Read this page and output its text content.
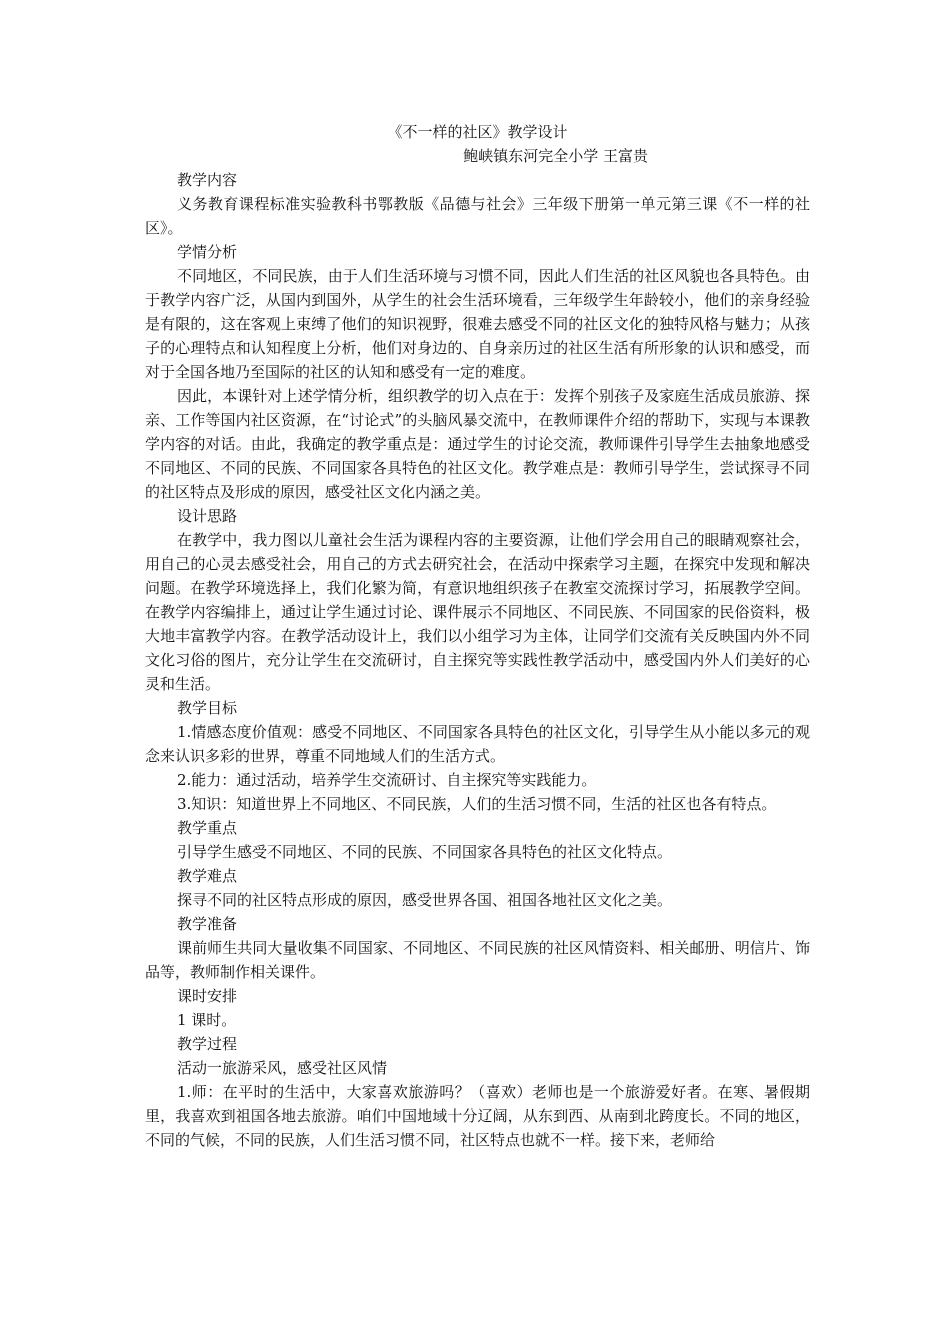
《不一样的社区》教学设计

鲍峡镇东河完全小学 王富贵

教学内容

义务教育课程标准实验教科书鄂教版《品德与社会》三年级下册第一单元第三课《不一样的社区》。

学情分析

不同地区，不同民族，由于人们生活环境与习惯不同，因此人们生活的社区风貌也各具特色。由于教学内容广泛，从国内到国外，从学生的社会生活环境看，三年级学生年龄较小，他们的亲身经验是有限的，这在客观上束缚了他们的知识视野，很难去感受不同的社区文化的独特风格与魅力；从孩子的心理特点和认知程度上分析，他们对身边的、自身亲历过的社区生活有所形象的认识和感受，而对于全国各地乃至国际的社区的认知和感受有一定的难度。

因此，本课针对上述学情分析，组织教学的切入点在于：发挥个别孩子及家庭生活成员旅游、探亲、工作等国内社区资源，在“讨论式”的头脑风暴交流中，在教师课件介绍的帮助下，实现与本课教学内容的对话。由此，我确定的教学重点是：通过学生的讨论交流，教师课件引导学生去抽象地感受不同地区、不同的民族、不同国家各具特色的社区文化。教学难点是：教师引导学生，尝试探寻不同的社区特点及形成的原因，感受社区文化内涵之美。

设计思路

在教学中，我力图以儿童社会生活为课程内容的主要资源，让他们学会用自己的眼睛观察社会，用自己的心灵去感受社会，用自己的方式去研究社会，在活动中探索学习主题，在探究中发现和解决问题。在教学环境选择上，我们化繁为简，有意识地组织孩子在教室交流探讨学习，拓展教学空间。在教学内容编排上，通过让学生通过讨论、课件展示不同地区、不同民族、不同国家的民俗资料，极大地丰富教学内容。在教学活动设计上，我们以小组学习为主体，让同学们交流有关反映国内外不同文化习俗的图片，充分让学生在交流研讨，自主探究等实践性教学活动中，感受国内外人们美好的心灵和生活。

教学目标

1.情感态度价值观：感受不同地区、不同国家各具特色的社区文化，引导学生从小能以多元的观念来认识多彩的世界，尊重不同地域人们的生活方式。

2.能力：通过活动，培养学生交流研讨、自主探究等实践能力。

3.知识：知道世界上不同地区、不同民族，人们的生活习惯不同，生活的社区也各有特点。

教学重点

引导学生感受不同地区、不同的民族、不同国家各具特色的社区文化特点。

教学难点

探寻不同的社区特点形成的原因，感受世界各国、祖国各地社区文化之美。

教学准备

课前师生共同大量收集不同国家、不同地区、不同民族的社区风情资料、相关邮册、明信片、饰品等，教师制作相关课件。

课时安排

1 课时。

教学过程

活动一旅游采风，感受社区风情

1.师：在平时的生活中，大家喜欢旅游吗？（喜欢）老师也是一个旅游爱好者。在寒、暑假期里，我喜欢到祖国各地去旅游。咱们中国地域十分辽阔，从东到西、从南到北跨度长。不同的地区，不同的气候，不同的民族，人们生活习惯不同，社区特点也就不一样。接下来，老师给
